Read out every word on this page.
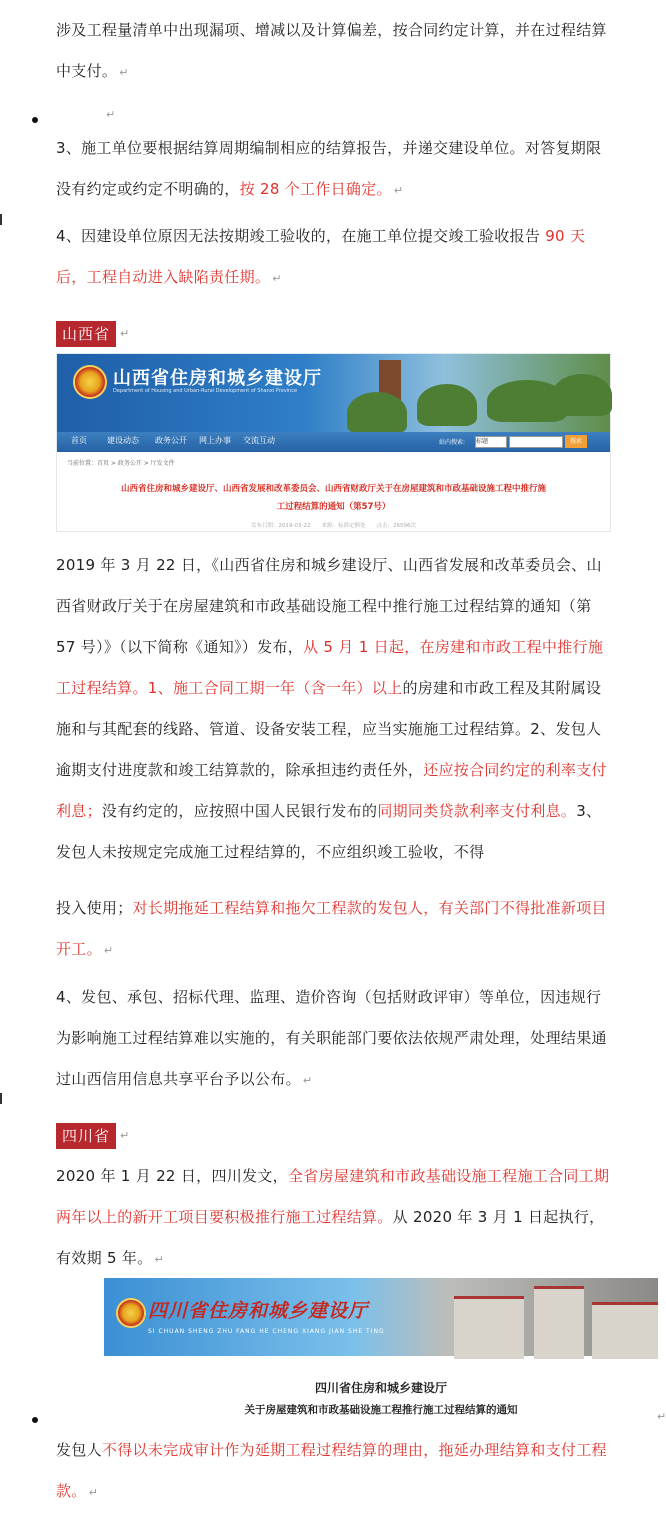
涉及工程量清单中出现漏项、增减以及计算偏差，按合同约定计算，并在过程结算中支付。 ↵

↵

3、施工单位要根据结算周期编制相应的结算报告，并递交建设单位。对答复期限没有约定或约定不明确的，按 28 个工作日确定。 ↵

4、因建设单位原因无法按期竣工验收的，在施工单位提交竣工验收报告 90 天后，工程自动进入缺陷责任期。 ↵

山西省 ↵
山西省住房和城乡建设厅
Department of Housing and Urban-Rural Development of Shanxi Province
首页	建设动态 政务公开 网上办事 交流互动	站内搜索: 标题	搜索
当前位置：首页 > 政务公开 > 厅发文件
山西省住房和城乡建设厅、山西省发展和改革委员会、山西省财政厅关于在房屋建筑和市政基础设施工程中推行施
工过程结算的通知（第57号）
发布日期：2019-03-22　　来源：标准定额处　　点击：26596次

2019 年 3 月 22 日，《山西省住房和城乡建设厅、山西省发展和改革委员会、山西省财政厅关于在房屋建筑和市政基础设施工程中推行施工过程结算的通知（第 57 号）》（以下简称《通知》）发布，从 5 月 1 日起，在房建和市政工程中推行施工过程结算。1、施工合同工期一年（含一年）以上的房建和市政工程及其附属设施和与其配套的线路、管道、设备安装工程，应当实施施工过程结算。2、发包人逾期支付进度款和竣工结算款的，除承担违约责任外，还应按合同约定的利率支付利息；没有约定的，应按照中国人民银行发布的同期同类贷款利率支付利息。3、发包人未按规定完成施工过程结算的，不应组织竣工验收，不得

投入使用；对长期拖延工程结算和拖欠工程款的发包人，有关部门不得批准新项目开工。 ↵

4、发包、承包、招标代理、监理、造价咨询（包括财政评审）等单位，因违规行为影响施工过程结算难以实施的，有关职能部门要依法依规严肃处理，处理结果通过山西信用信息共享平台予以公布。 ↵

四川省 ↵

2020 年 1 月 22 日，四川发文，全省房屋建筑和市政基础设施工程施工合同工期两年以上的新开工项目要积极推行施工过程结算。从 2020 年 3 月 1 日起执行，有效期 5 年。 ↵

四川省住房和城乡建设厅
SI CHUAN SHENG ZHU FANG HE CHENG XIANG JIAN SHE TING
四川省住房和城乡建设厅
关于房屋建筑和市政基础设施工程推行施工过程结算的通知	↵

发包人不得以未完成审计作为延期工程过程结算的理由，拖延办理结算和支付工程款。 ↵
